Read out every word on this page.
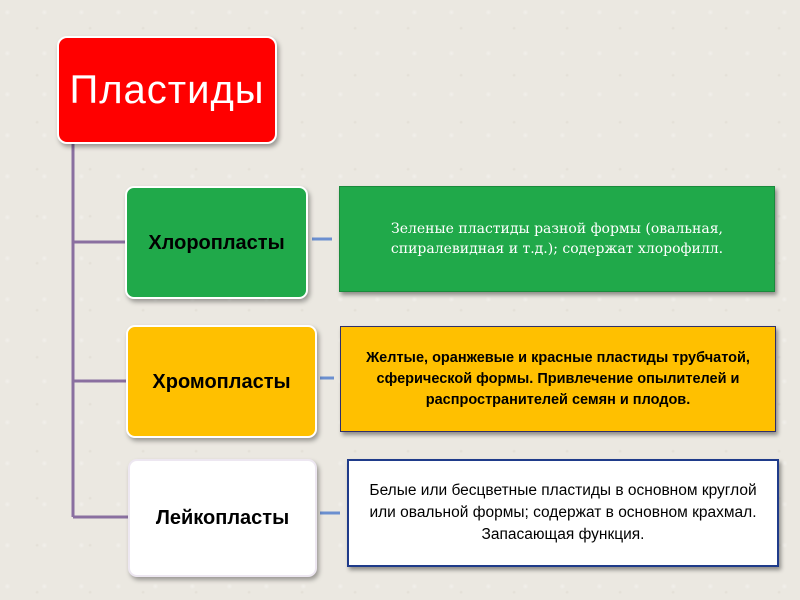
Пластиды
Хлоропласты
Зеленые пластиды разной формы (овальная, спиралевидная и т.д.); содержат хлорофилл.
Хромопласты
Желтые, оранжевые и красные пластиды трубчатой, сферической формы. Привлечение опылителей и распространителей семян и плодов.
Лейкопласты
Белые или бесцветные пластиды в основном круглой или овальной формы; содержат в основном крахмал. Запасающая функция.
